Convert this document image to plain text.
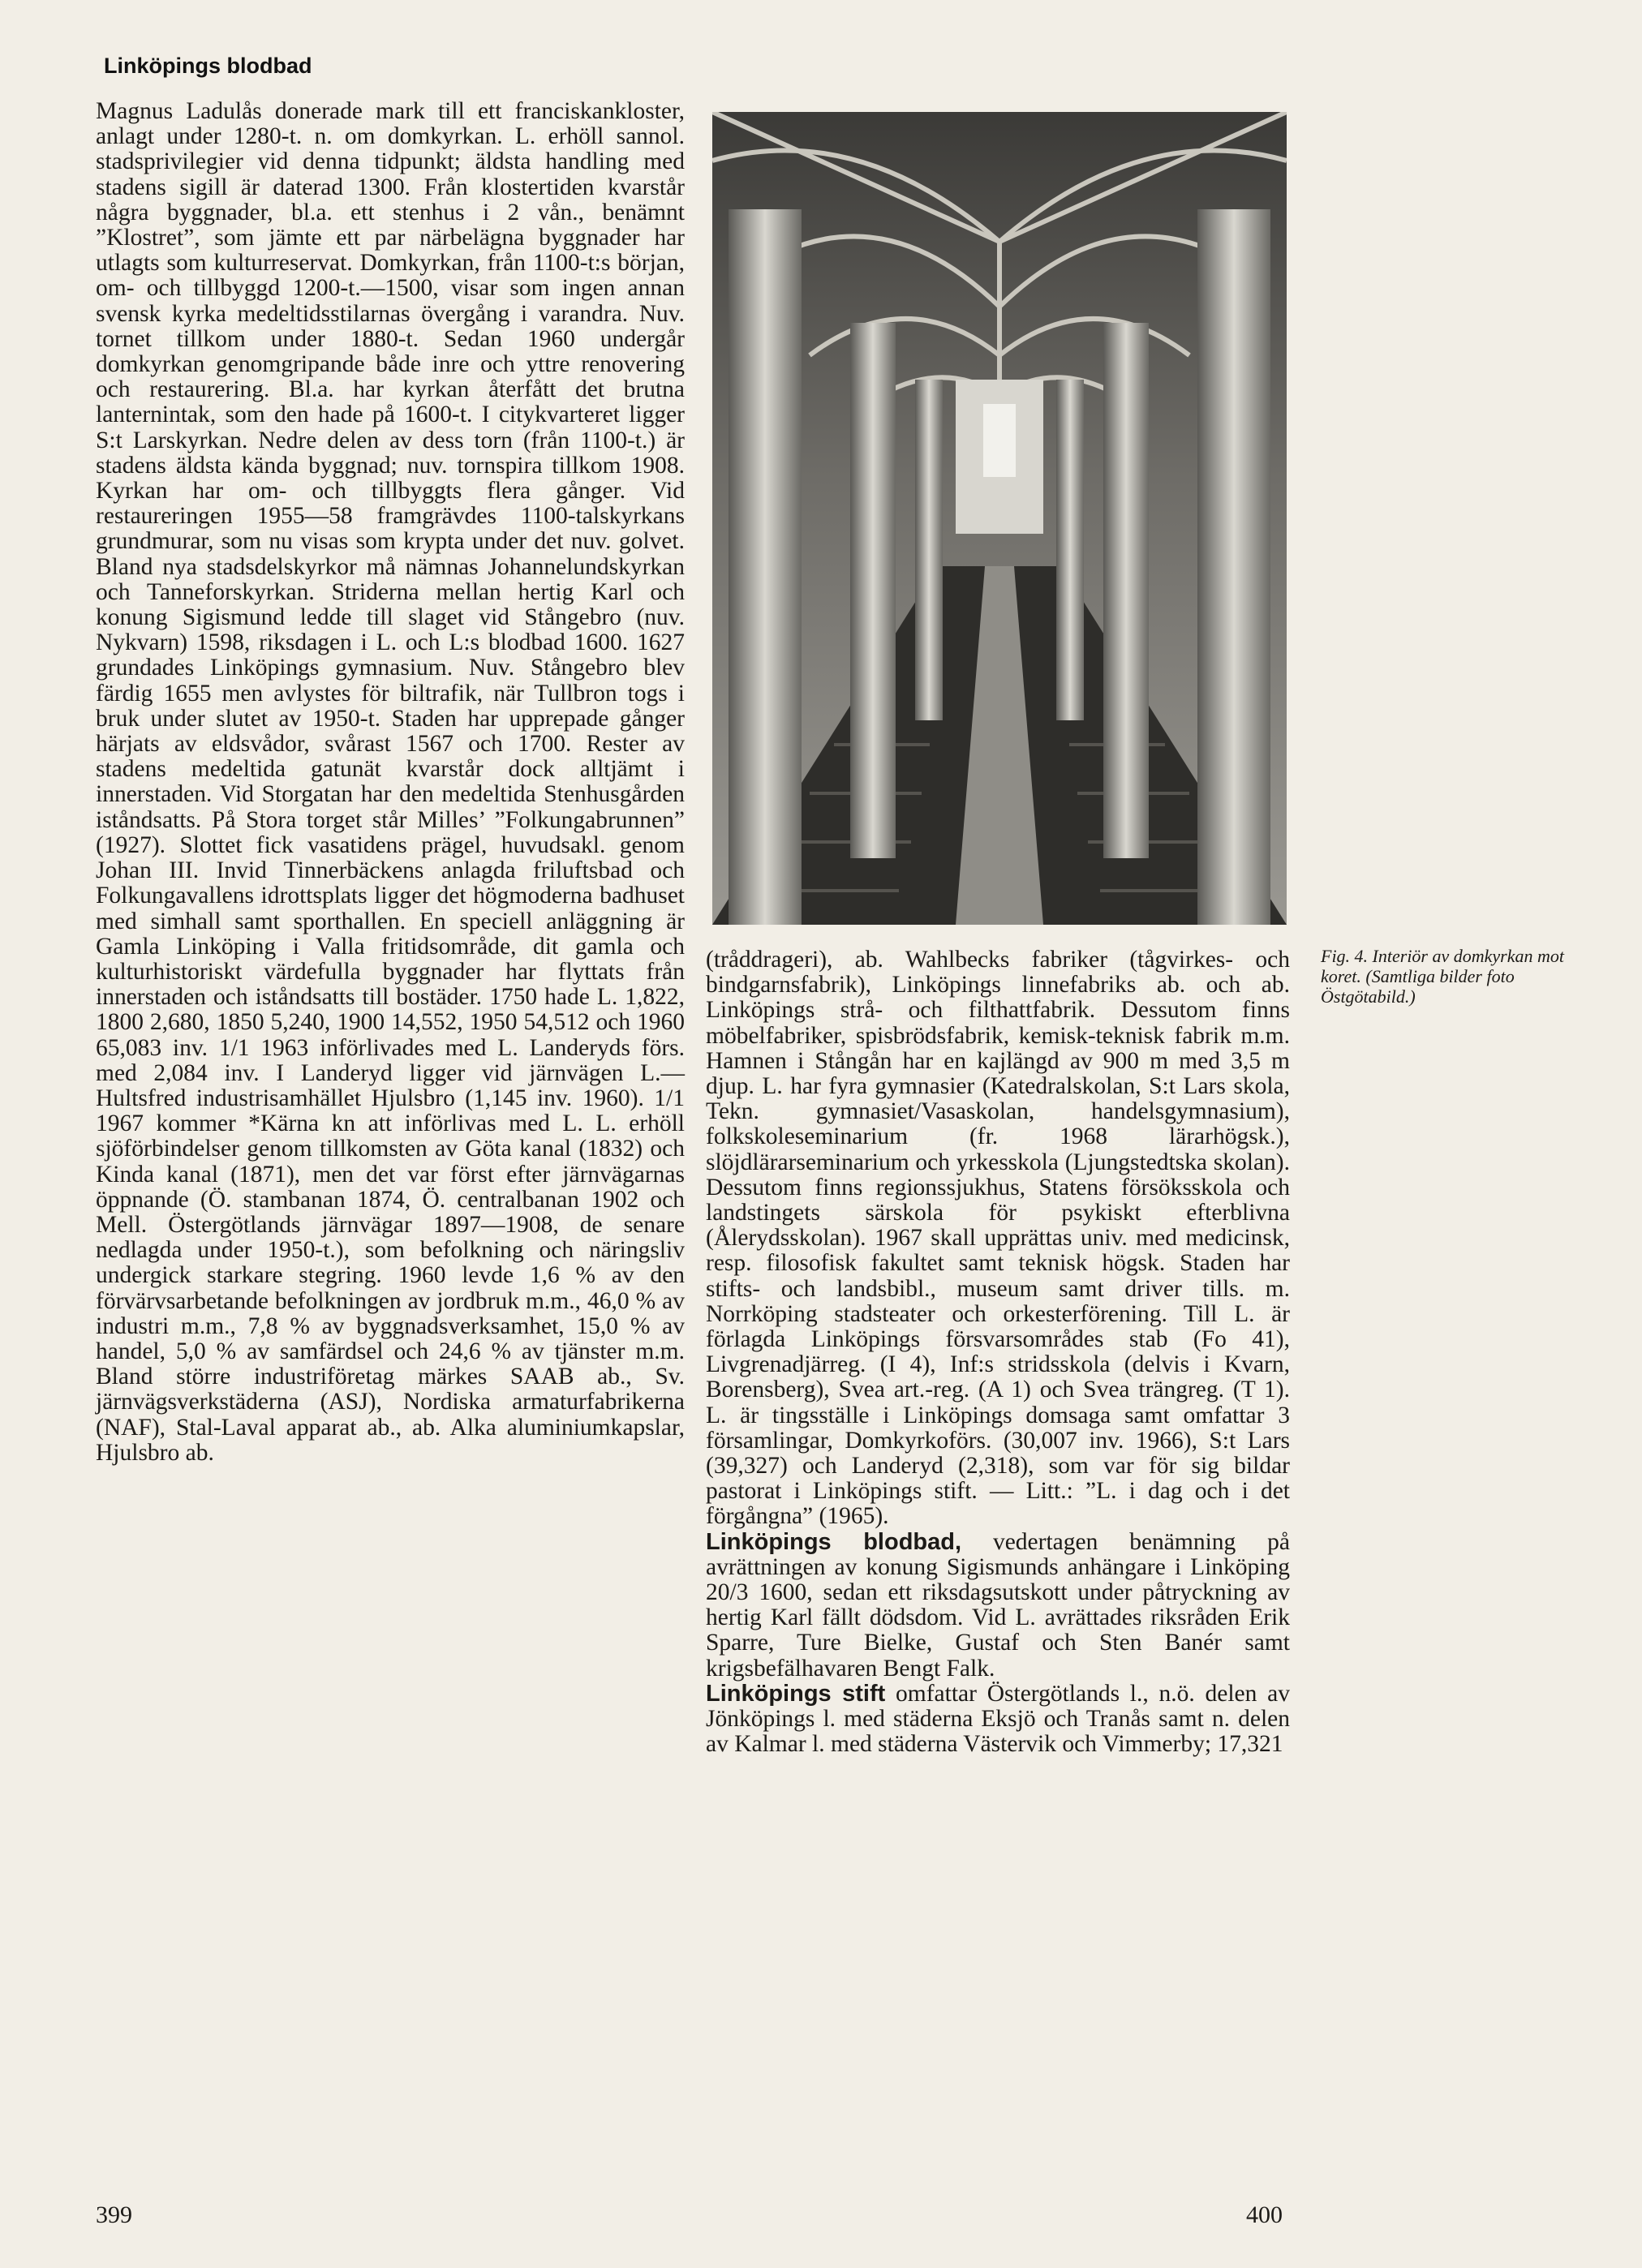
Linköpings blodbad

Magnus Ladulås donerade mark till ett franciskankloster, anlagt under 1280-t. n. om domkyrkan. L. erhöll sannol. stadsprivilegier vid denna tidpunkt; äldsta handling med stadens sigill är daterad 1300. Från klostertiden kvarstår några byggnader, bl.a. ett stenhus i 2 vån., benämnt ”Klostret”, som jämte ett par närbelägna byggnader har utlagts som kulturreservat. Domkyrkan, från 1100-t:s början, om- och tillbyggd 1200-t.—1500, visar som ingen annan svensk kyrka medeltidsstilarnas övergång i varandra. Nuv. tornet tillkom under 1880-t. Sedan 1960 undergår domkyrkan genomgripande både inre och yttre renovering och restaurering. Bl.a. har kyrkan återfått det brutna lanternintak, som den hade på 1600-t. I citykvarteret ligger S:t Larskyrkan. Nedre delen av dess torn (från 1100-t.) är stadens äldsta kända byggnad; nuv. tornspira tillkom 1908. Kyrkan har om- och tillbyggts flera gånger. Vid restaureringen 1955—58 framgrävdes 1100-talskyrkans grundmurar, som nu visas som krypta under det nuv. golvet. Bland nya stadsdelskyrkor må nämnas Johannelundskyrkan och Tanneforskyrkan. Striderna mellan hertig Karl och konung Sigismund ledde till slaget vid Stångebro (nuv. Nykvarn) 1598, riksdagen i L. och L:s blodbad 1600. 1627 grundades Linköpings gymnasium. Nuv. Stångebro blev färdig 1655 men avlystes för biltrafik, när Tullbron togs i bruk under slutet av 1950-t. Staden har upprepade gånger härjats av eldsvådor, svårast 1567 och 1700. Rester av stadens medeltida gatunät kvarstår dock alltjämt i innerstaden. Vid Storgatan har den medeltida Stenhusgården iståndsatts. På Stora torget står Milles’ ”Folkungabrunnen” (1927). Slottet fick vasatidens prägel, huvudsakl. genom Johan III. Invid Tinnerbäckens anlagda friluftsbad och Folkungavallens idrottsplats ligger det högmoderna badhuset med simhall samt sporthallen. En speciell anläggning är Gamla Linköping i Valla fritidsområde, dit gamla och kulturhistoriskt värdefulla byggnader har flyttats från innerstaden och iståndsatts till bostäder. 1750 hade L. 1,822, 1800 2,680, 1850 5,240, 1900 14,552, 1950 54,512 och 1960 65,083 inv. 1/1 1963 införlivades med L. Landeryds förs. med 2,084 inv. I Landeryd ligger vid järnvägen L.—Hultsfred industrisamhället Hjulsbro (1,145 inv. 1960). 1/1 1967 kommer *Kärna kn att införlivas med L. L. erhöll sjöförbindelser genom tillkomsten av Göta kanal (1832) och Kinda kanal (1871), men det var först efter järnvägarnas öppnande (Ö. stambanan 1874, Ö. centralbanan 1902 och Mell. Östergötlands järnvägar 1897—1908, de senare nedlagda under 1950-t.), som befolkning och näringsliv undergick starkare stegring. 1960 levde 1,6 % av den förvärvsarbetande befolkningen av jordbruk m.m., 46,0 % av industri m.m., 7,8 % av byggnadsverksamhet, 15,0 % av handel, 5,0 % av samfärdsel och 24,6 % av tjänster m.m. Bland större industriföretag märkes SAAB ab., Sv. järnvägsverkstäderna (ASJ), Nordiska armaturfabrikerna (NAF), Stal-Laval apparat ab., ab. Alka aluminiumkapslar, Hjulsbro ab.

(tråddrageri), ab. Wahlbecks fabriker (tågvirkes- och bindgarnsfabrik), Linköpings linnefabriks ab. och ab. Linköpings strå- och filthattfabrik. Dessutom finns möbelfabriker, spisbrödsfabrik, kemisk-teknisk fabrik m.m. Hamnen i Stångån har en kajlängd av 900 m med 3,5 m djup. L. har fyra gymnasier (Katedralskolan, S:t Lars skola, Tekn. gymnasiet/Vasaskolan, handelsgymnasium), folkskoleseminarium (fr. 1968 lärarhögsk.), slöjdlärarseminarium och yrkesskola (Ljungstedtska skolan). Dessutom finns regionssjukhus, Statens försöksskola och landstingets särskola för psykiskt efterblivna (Ålerydsskolan). 1967 skall upprättas univ. med medicinsk, resp. filosofisk fakultet samt teknisk högsk. Staden har stifts- och landsbibl., museum samt driver tills. m. Norrköping stadsteater och orkesterförening. Till L. är förlagda Linköpings försvarsområdes stab (Fo 41), Livgrenadjärreg. (I 4), Inf:s stridsskola (delvis i Kvarn, Borensberg), Svea art.-reg. (A 1) och Svea trängreg. (T 1). L. är tingsställe i Linköpings domsaga samt omfattar 3 församlingar, Domkyrkoförs. (30,007 inv. 1966), S:t Lars (39,327) och Landeryd (2,318), som var för sig bildar pastorat i Linköpings stift. — Litt.: ”L. i dag och i det förgångna” (1965).

Linköpings blodbad, vedertagen benämning på avrättningen av konung Sigismunds anhängare i Linköping 20/3 1600, sedan ett riksdagsutskott under påtryckning av hertig Karl fällt dödsdom. Vid L. avrättades riksråden Erik Sparre, Ture Bielke, Gustaf och Sten Banér samt krigsbefälhavaren Bengt Falk.

Linköpings stift omfattar Östergötlands l., n.ö. delen av Jönköpings l. med städerna Eksjö och Tranås samt n. delen av Kalmar l. med städerna Västervik och Vimmerby; 17,321

Fig. 4. Interiör av domkyrkan mot koret. (Samtliga bilder foto Östgötabild.)
399	400
